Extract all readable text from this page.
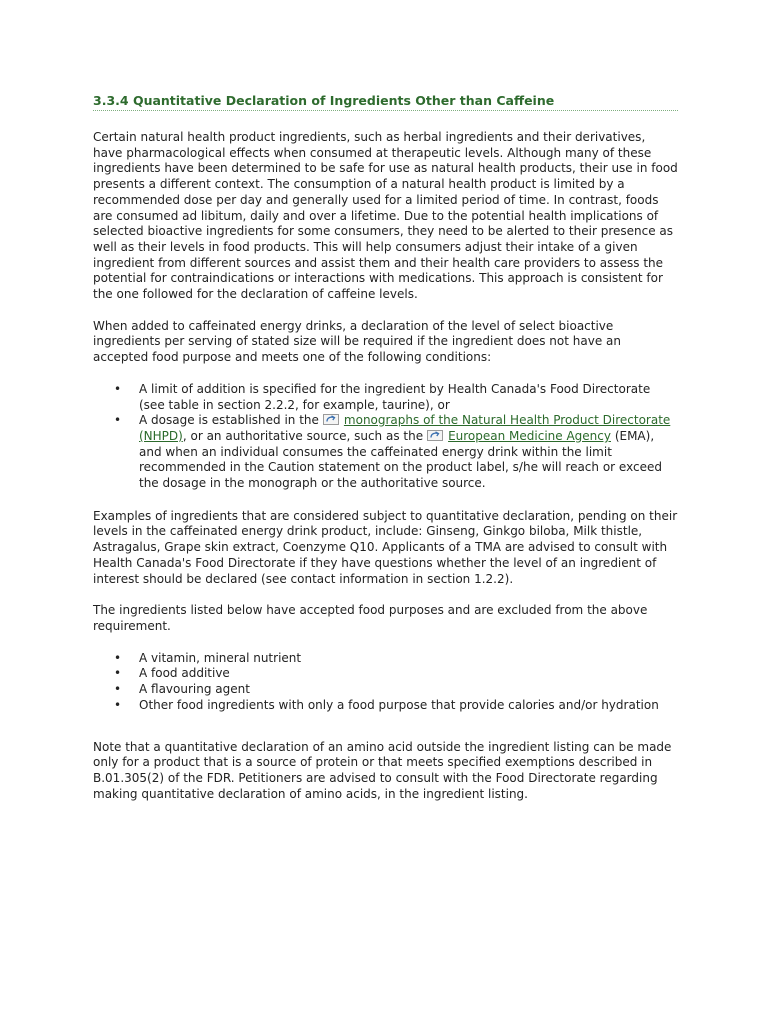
3.3.4 Quantitative Declaration of Ingredients Other than Caffeine

Certain natural health product ingredients, such as herbal ingredients and their derivatives, have pharmacological effects when consumed at therapeutic levels. Although many of these ingredients have been determined to be safe for use as natural health products, their use in food presents a different context. The consumption of a natural health product is limited by a recommended dose per day and generally used for a limited period of time. In contrast, foods are consumed ad libitum, daily and over a lifetime. Due to the potential health implications of selected bioactive ingredients for some consumers, they need to be alerted to their presence as well as their levels in food products. This will help consumers adjust their intake of a given ingredient from different sources and assist them and their health care providers to assess the potential for contraindications or interactions with medications. This approach is consistent for the one followed for the declaration of caffeine levels.

When added to caffeinated energy drinks, a declaration of the level of select bioactive ingredients per serving of stated size will be required if the ingredient does not have an accepted food purpose and meets one of the following conditions:

• A limit of addition is specified for the ingredient by Health Canada's Food Directorate (see table in section 2.2.2, for example, taurine), or
• A dosage is established in the monographs of the Natural Health Product Directorate (NHPD), or an authoritative source, such as the European Medicine Agency (EMA), and when an individual consumes the caffeinated energy drink within the limit recommended in the Caution statement on the product label, s/he will reach or exceed the dosage in the monograph or the authoritative source.

Examples of ingredients that are considered subject to quantitative declaration, pending on their levels in the caffeinated energy drink product, include: Ginseng, Ginkgo biloba, Milk thistle, Astragalus, Grape skin extract, Coenzyme Q10. Applicants of a TMA are advised to consult with Health Canada's Food Directorate if they have questions whether the level of an ingredient of interest should be declared (see contact information in section 1.2.2).

The ingredients listed below have accepted food purposes and are excluded from the above requirement.

• A vitamin, mineral nutrient
• A food additive
• A flavouring agent
• Other food ingredients with only a food purpose that provide calories and/or hydration

Note that a quantitative declaration of an amino acid outside the ingredient listing can be made only for a product that is a source of protein or that meets specified exemptions described in B.01.305(2) of the FDR. Petitioners are advised to consult with the Food Directorate regarding making quantitative declaration of amino acids, in the ingredient listing.
